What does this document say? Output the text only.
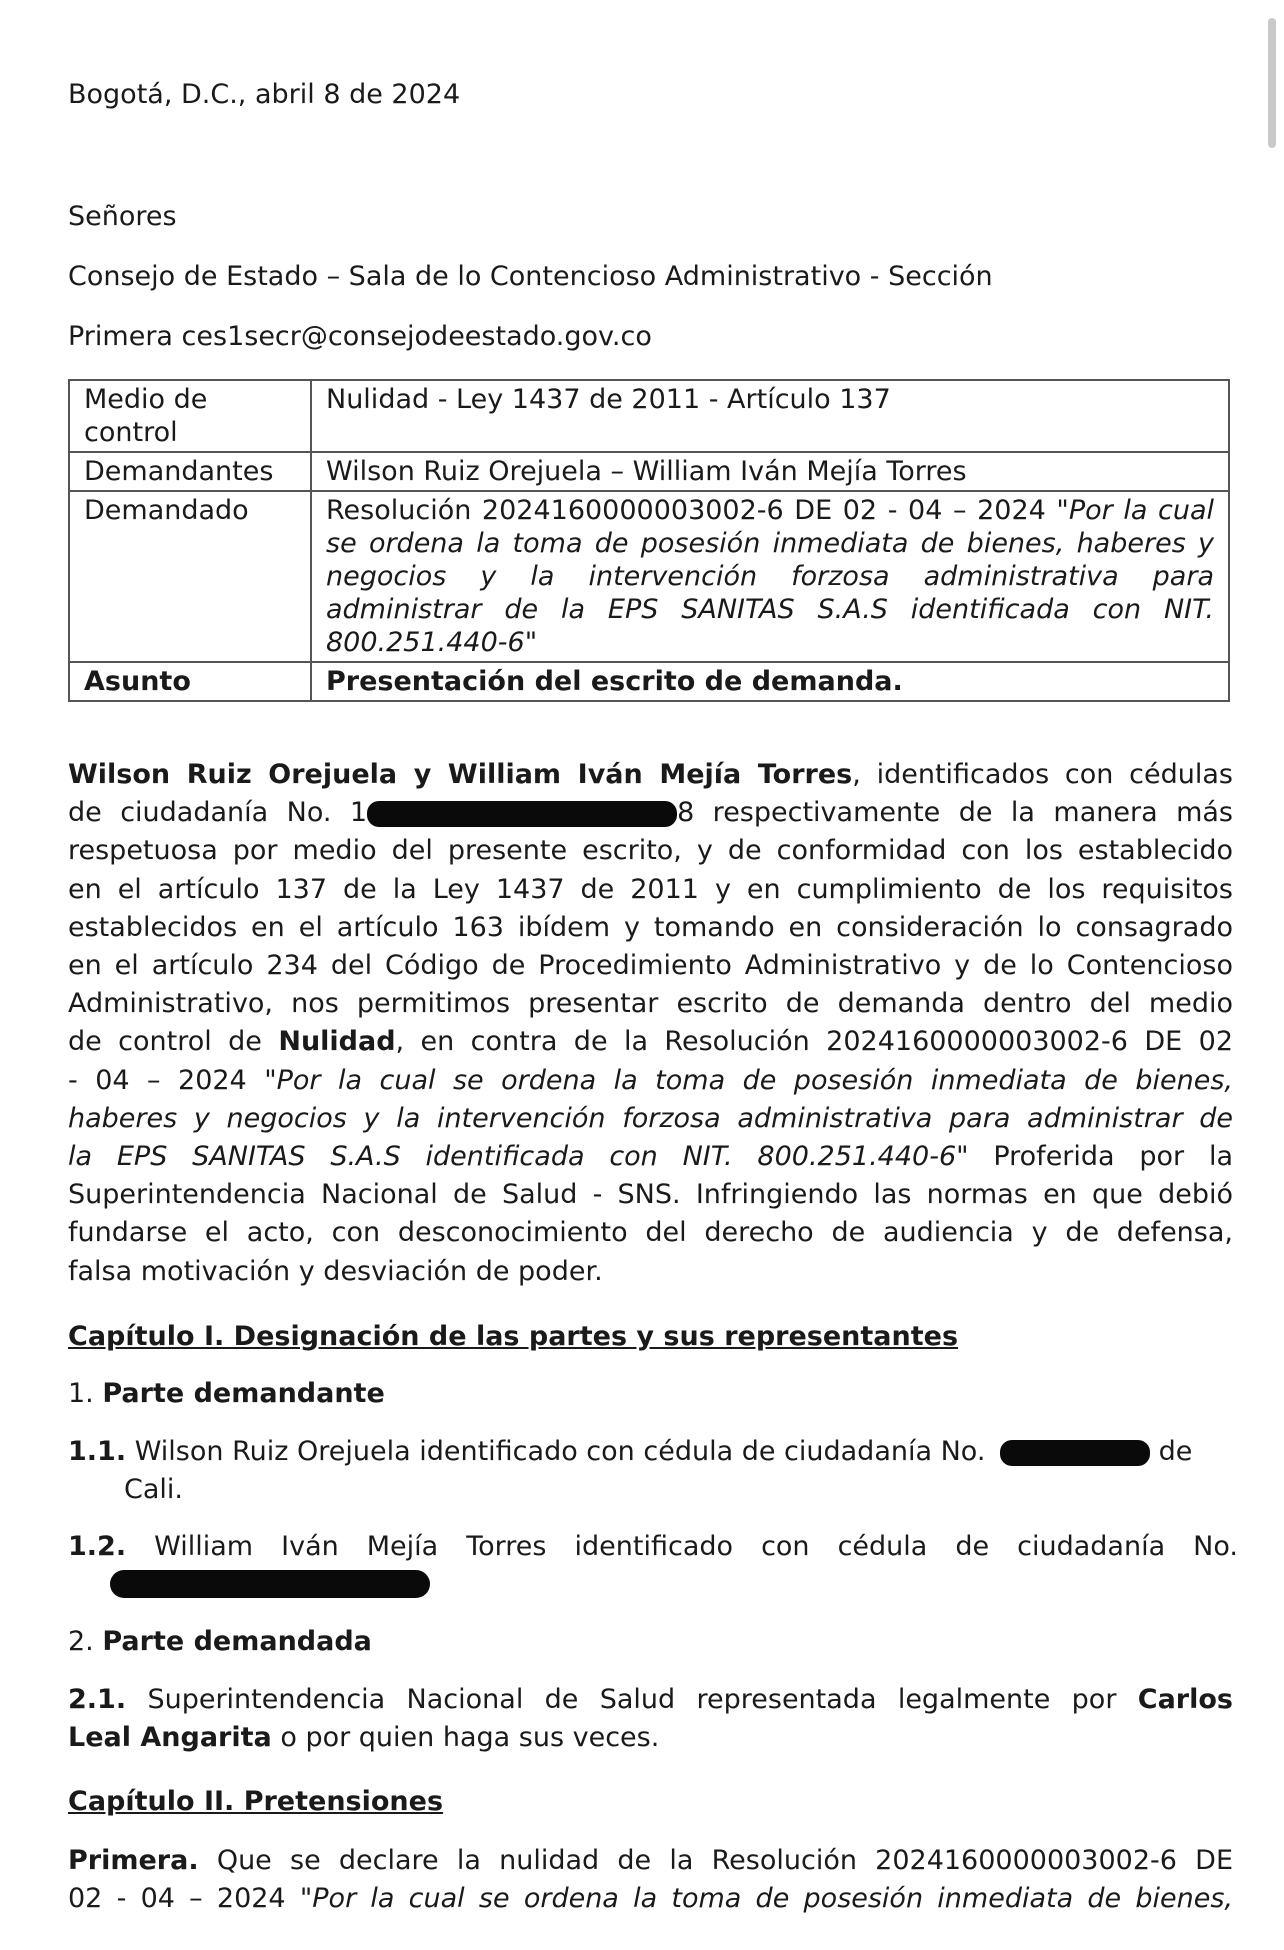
Bogotá, D.C., abril 8 de 2024
Señores
Consejo de Estado – Sala de lo Contencioso Administrativo - Sección
Primera ces1secr@consejodeestado.gov.co
Medio de control	Nulidad - Ley 1437 de 2011 - Artículo 137
Demandantes	Wilson Ruiz Orejuela – William Iván Mejía Torres
Demandado	Resolución 2024160000003002-6 DE 02 - 04 – 2024 "Por la cual se ordena la toma de posesión inmediata de bienes, haberes y negocios y la intervención forzosa administrativa para administrar de la EPS SANITAS S.A.S identificada con NIT. 800.251.440-6"
Asunto	Presentación del escrito de demanda.
Wilson Ruiz Orejuela y William Iván Mejía Torres, identificados con cédulas
de ciudadanía No. 1	8 respectivamente de la manera más
respetuosa por medio del presente escrito, y de conformidad con los establecido
en el artículo 137 de la Ley 1437 de 2011 y en cumplimiento de los requisitos
establecidos en el artículo 163 ibídem y tomando en consideración lo consagrado
en el artículo 234 del Código de Procedimiento Administrativo y de lo Contencioso
Administrativo, nos permitimos presentar escrito de demanda dentro del medio
de control de Nulidad, en contra de la Resolución 2024160000003002-6 DE 02
- 04 – 2024 "Por la cual se ordena la toma de posesión inmediata de bienes,
haberes y negocios y la intervención forzosa administrativa para administrar de
la EPS SANITAS S.A.S identificada con NIT. 800.251.440-6" Proferida por la
Superintendencia Nacional de Salud - SNS. Infringiendo las normas en que debió
fundarse el acto, con desconocimiento del derecho de audiencia y de defensa,
falsa motivación y desviación de poder.
Capítulo I. Designación de las partes y sus representantes
1. Parte demandante
1.1. Wilson Ruiz Orejuela identificado con cédula de ciudadanía No.	de
Cali.
1.2. William Iván Mejía Torres identificado con cédula de ciudadanía No.
2. Parte demandada
2.1. Superintendencia Nacional de Salud representada legalmente por Carlos
Leal Angarita o por quien haga sus veces.
Capítulo II. Pretensiones
Primera. Que se declare la nulidad de la Resolución 2024160000003002-6 DE
02 - 04 – 2024 "Por la cual se ordena la toma de posesión inmediata de bienes,
